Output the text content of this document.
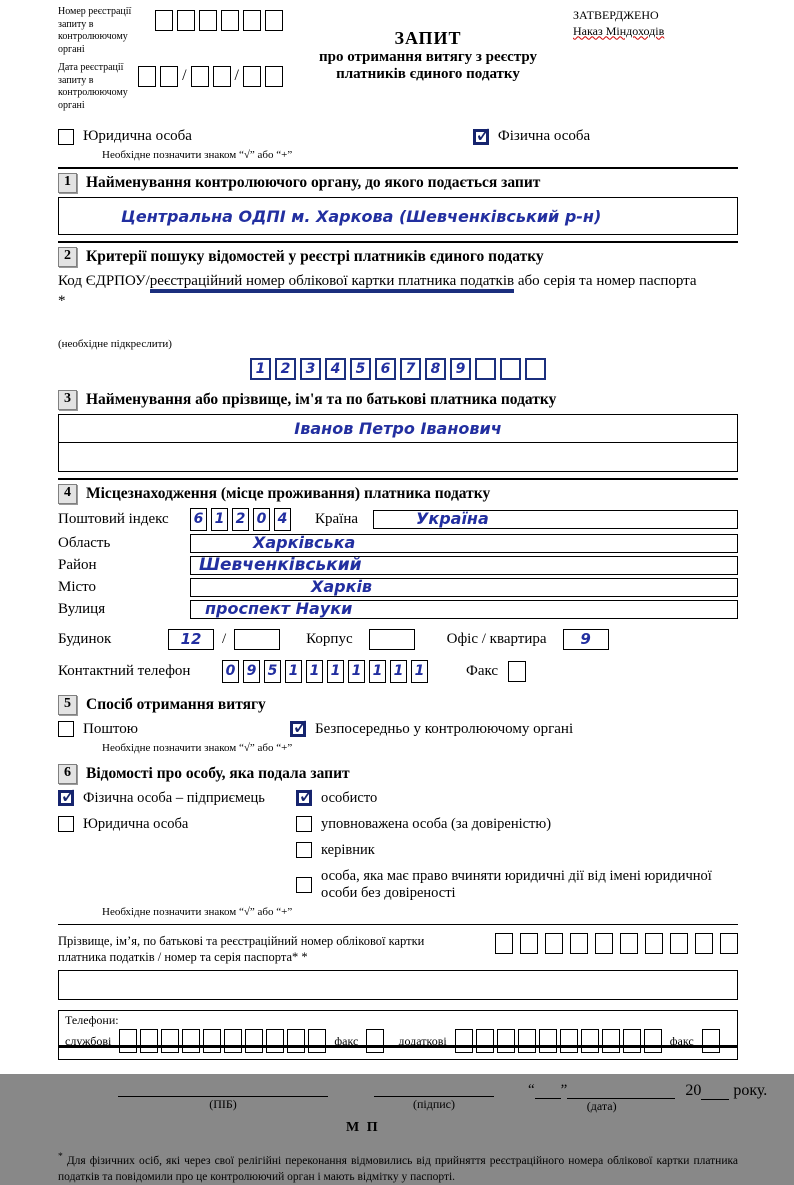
Номер реєстрації запиту в контролюючому органі
Дата реєстрації запиту в контролюючому органі
/	/
ЗАПИТ
про отримання витягу з реєстру
платників єдиного податку
ЗАТВЕРДЖЕНО
Наказ Міндоходів
Юридична особа ✓	Фізична особа
Необхідне позначити знаком “√” або “+”
1 Найменування контролюючого органу, до якого подається запит
Центральна ОДПІ м. Харкова (Шевченківський р-н)
2 Критерії пошуку відомостей у реєстрі платників єдиного податку
Код ЄДРПОУ/реєстраційний номер облікової картки платника податків або серія та номер паспорта
*
(необхідне підкреслити)
1	2	3	4	5	6	7	8	9
3 Найменування або прізвище, ім'я та по батькові платника податку
Іванов Петро Іванович
4 Місцезнаходження (місце проживання) платника податку
Поштовий індекс	6 1 2 0 4 Країна	Україна
Область	Харківська
Район	Шевченківський
Місто	Харків
Вулиця	проспект Науки
Будинок	12	/	Корпус	Офіс / квартира	9
Контактний телефон	0 9 5 1 1 1 1 1 1 1	Факс
5 Спосіб отримання витягу
Поштою ✓	Безпосередньо у контролюючому органі
Необхідне позначити знаком “√” або “+”
6 Відомості про особу, яка подала запит
✓
Фізична особа – підприємець ✓	особисто
Юридична особа	уповноважена особа (за довіреністю)
керівник
особа, яка має право вчиняти юридичні дії від імені юридичної особи без довіреності
Необхідне позначити знаком “√” або “+”
Прізвище, ім’я, по батькові та реєстраційний номер облікової картки
платника податків / номер та серія паспорта* *
Телефони:
службові	факс	додаткові	факс
(ПІБ)	(підпис)
“ ”
(дата)
20 року.
М П
* Для фізичних осіб, які через свої релігійні переконання відмовились від прийняття реєстраційного номера облікової картки платника податків та повідомили про це контролюючий орган і мають відмітку у паспорті.
